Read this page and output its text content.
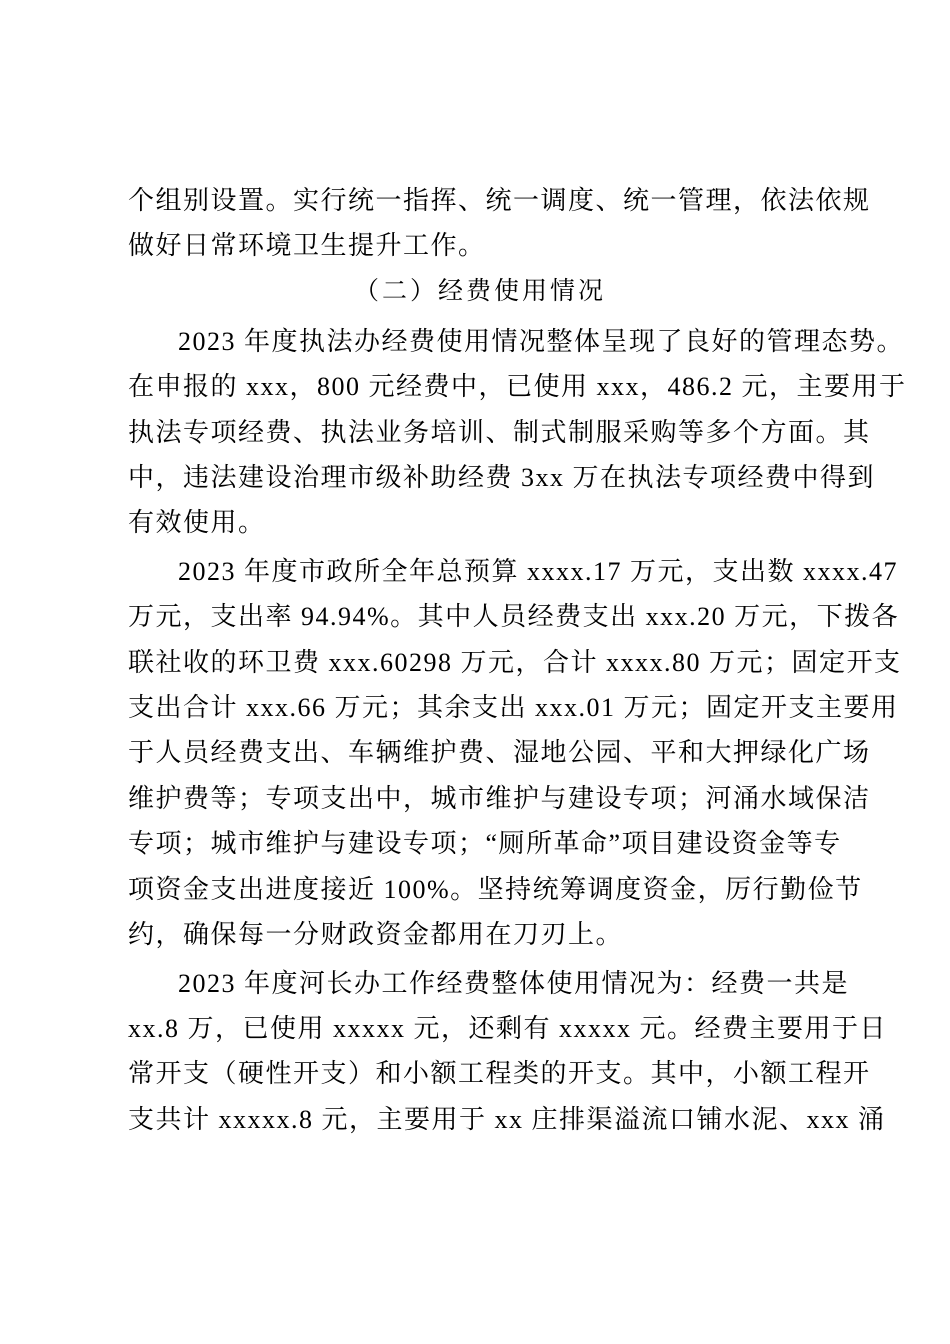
个组别设置。实行统一指挥、统一调度、统一管理，依法依规
做好日常环境卫生提升工作。
（二）经费使用情况
2023 年度执法办经费使用情况整体呈现了良好的管理态势。
在申报的 xxx，800 元经费中，已使用 xxx，486.2 元，主要用于
执法专项经费、执法业务培训、制式制服采购等多个方面。其
中，违法建设治理市级补助经费 3xx 万在执法专项经费中得到
有效使用。
2023 年度市政所全年总预算 xxxx.17 万元，支出数 xxxx.47
万元，支出率 94.94%。其中人员经费支出 xxx.20 万元，下拨各
联社收的环卫费 xxx.60298 万元，合计 xxxx.80 万元；固定开支
支出合计 xxx.66 万元；其余支出 xxx.01 万元；固定开支主要用
于人员经费支出、车辆维护费、湿地公园、平和大押绿化广场
维护费等；专项支出中，城市维护与建设专项；河涌水域保洁
专项；城市维护与建设专项；“厕所革命”项目建设资金等专
项资金支出进度接近 100%。坚持统筹调度资金，厉行勤俭节
约，确保每一分财政资金都用在刀刃上。
2023 年度河长办工作经费整体使用情况为：经费一共是
xx.8 万，已使用 xxxxx 元，还剩有 xxxxx 元。经费主要用于日
常开支（硬性开支）和小额工程类的开支。其中，小额工程开
支共计 xxxxx.8 元，主要用于 xx 庄排渠溢流口铺水泥、xxx 涌
